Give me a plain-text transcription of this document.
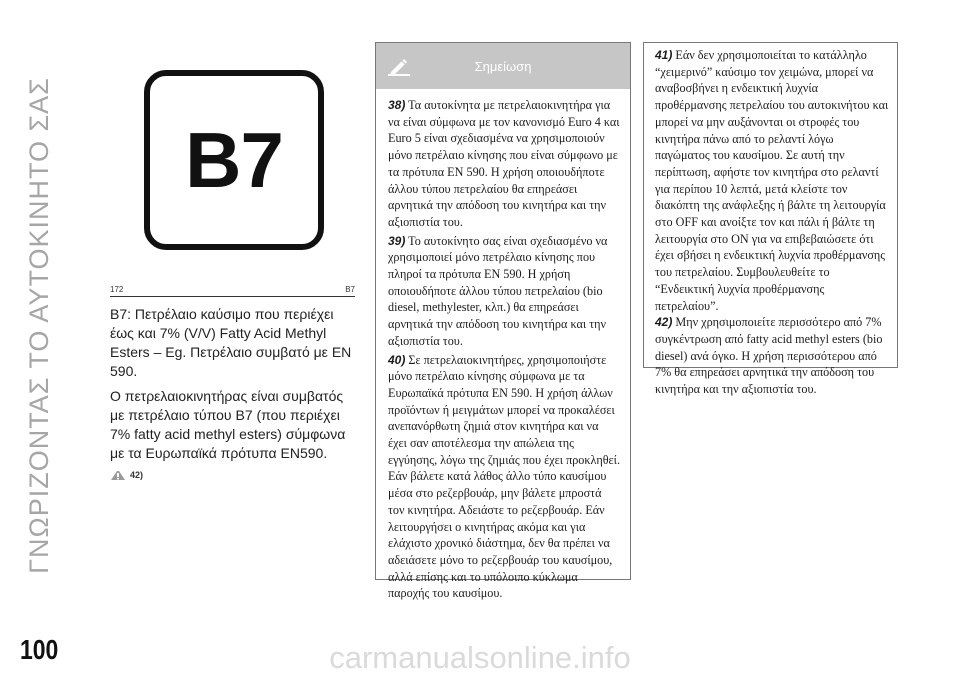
ΓΝΩΡΙΖΟΝΤΑΣ ΤΟ ΑΥΤΟΚΙΝΗΤΟ ΣΑΣ B7
172	B7

B7: Πετρέλαιο καύσιμο που περιέχει έως και 7% (V/V) Fatty Acid Methyl Esters – Eg. Πετρέλαιο συμβατό με EN 590.

Ο πετρελαιοκινητήρας είναι συμβατός με πετρέλαιο τύπου B7 (που περιέχει 7% fatty acid methyl esters) σύμφωνα με τα Ευρωπαϊκά πρότυπα EN590.

42)
Σημείωση
38) Τα αυτοκίνητα με πετρελαιοκινητήρα για να είναι σύμφωνα με τον κανονισμό Euro 4 και Euro 5 είναι σχεδιασμένα να χρησιμοποιούν μόνο πετρέλαιο κίνησης που είναι σύμφωνο με τα πρότυπα EN 590. Η χρήση οποιουδήποτε άλλου τύπου πετρελαίου θα επηρεάσει αρνητικά την απόδοση του κινητήρα και την αξιοπιστία του.
39) Το αυτοκίνητο σας είναι σχεδιασμένο να χρησιμοποιεί μόνο πετρέλαιο κίνησης που πληροί τα πρότυπα EN 590. Η χρήση οποιουδήποτε άλλου τύπου πετρελαίου (bio diesel, methylester, κλπ.) θα επηρεάσει αρνητικά την απόδοση του κινητήρα και την αξιοπιστία του.
40) Σε πετρελαιοκινητήρες, χρησιμοποιήστε μόνο πετρέλαιο κίνησης σύμφωνα με τα Ευρωπαϊκά πρότυπα EN 590. Η χρήση άλλων προϊόντων ή μειγμάτων μπορεί να προκαλέσει ανεπανόρθωτη ζημιά στον κινητήρα και να έχει σαν αποτέλεσμα την απώλεια της εγγύησης, λόγω της ζημιάς που έχει προκληθεί. Εάν βάλετε κατά λάθος άλλο τύπο καυσίμου μέσα στο ρεζερβουάρ, μην βάλετε μπροστά τον κινητήρα. Αδειάστε το ρεζερβουάρ. Εάν λειτουργήσει ο κινητήρας ακόμα και για ελάχιστο χρονικό διάστημα, δεν θα πρέπει να αδειάσετε μόνο το ρεζερβουάρ του καυσίμου, αλλά επίσης και το υπόλοιπο κύκλωμα παροχής του καυσίμου.
41) Εάν δεν χρησιμοποιείται το κατάλληλο “χειμερινό” καύσιμο τον χειμώνα, μπορεί να αναβοσβήνει η ενδεικτική λυχνία προθέρμανσης πετρελαίου του αυτοκινήτου και μπορεί να μην αυξάνονται οι στροφές του κινητήρα πάνω από το ρελαντί λόγω παγώματος του καυσίμου. Σε αυτή την περίπτωση, αφήστε τον κινητήρα στο ρελαντί για περίπου 10 λεπτά, μετά κλείστε τον διακόπτη της ανάφλεξης ή βάλτε τη λειτουργία στο OFF και ανοίξτε τον και πάλι ή βάλτε τη λειτουργία στο ON για να επιβεβαιώσετε ότι έχει σβήσει η ενδεικτική λυχνία προθέρμανσης του πετρελαίου. Συμβουλευθείτε το “Ενδεικτική λυχνία προθέρμανσης πετρελαίου”.
42) Μην χρησιμοποιείτε περισσότερο από 7% συγκέντρωση από fatty acid methyl esters (bio diesel) ανά όγκο. Η χρήση περισσότερου από 7% θα επηρεάσει αρνητικά την απόδοση του κινητήρα και την αξιοπιστία του.
100	carmanualsonline.info
